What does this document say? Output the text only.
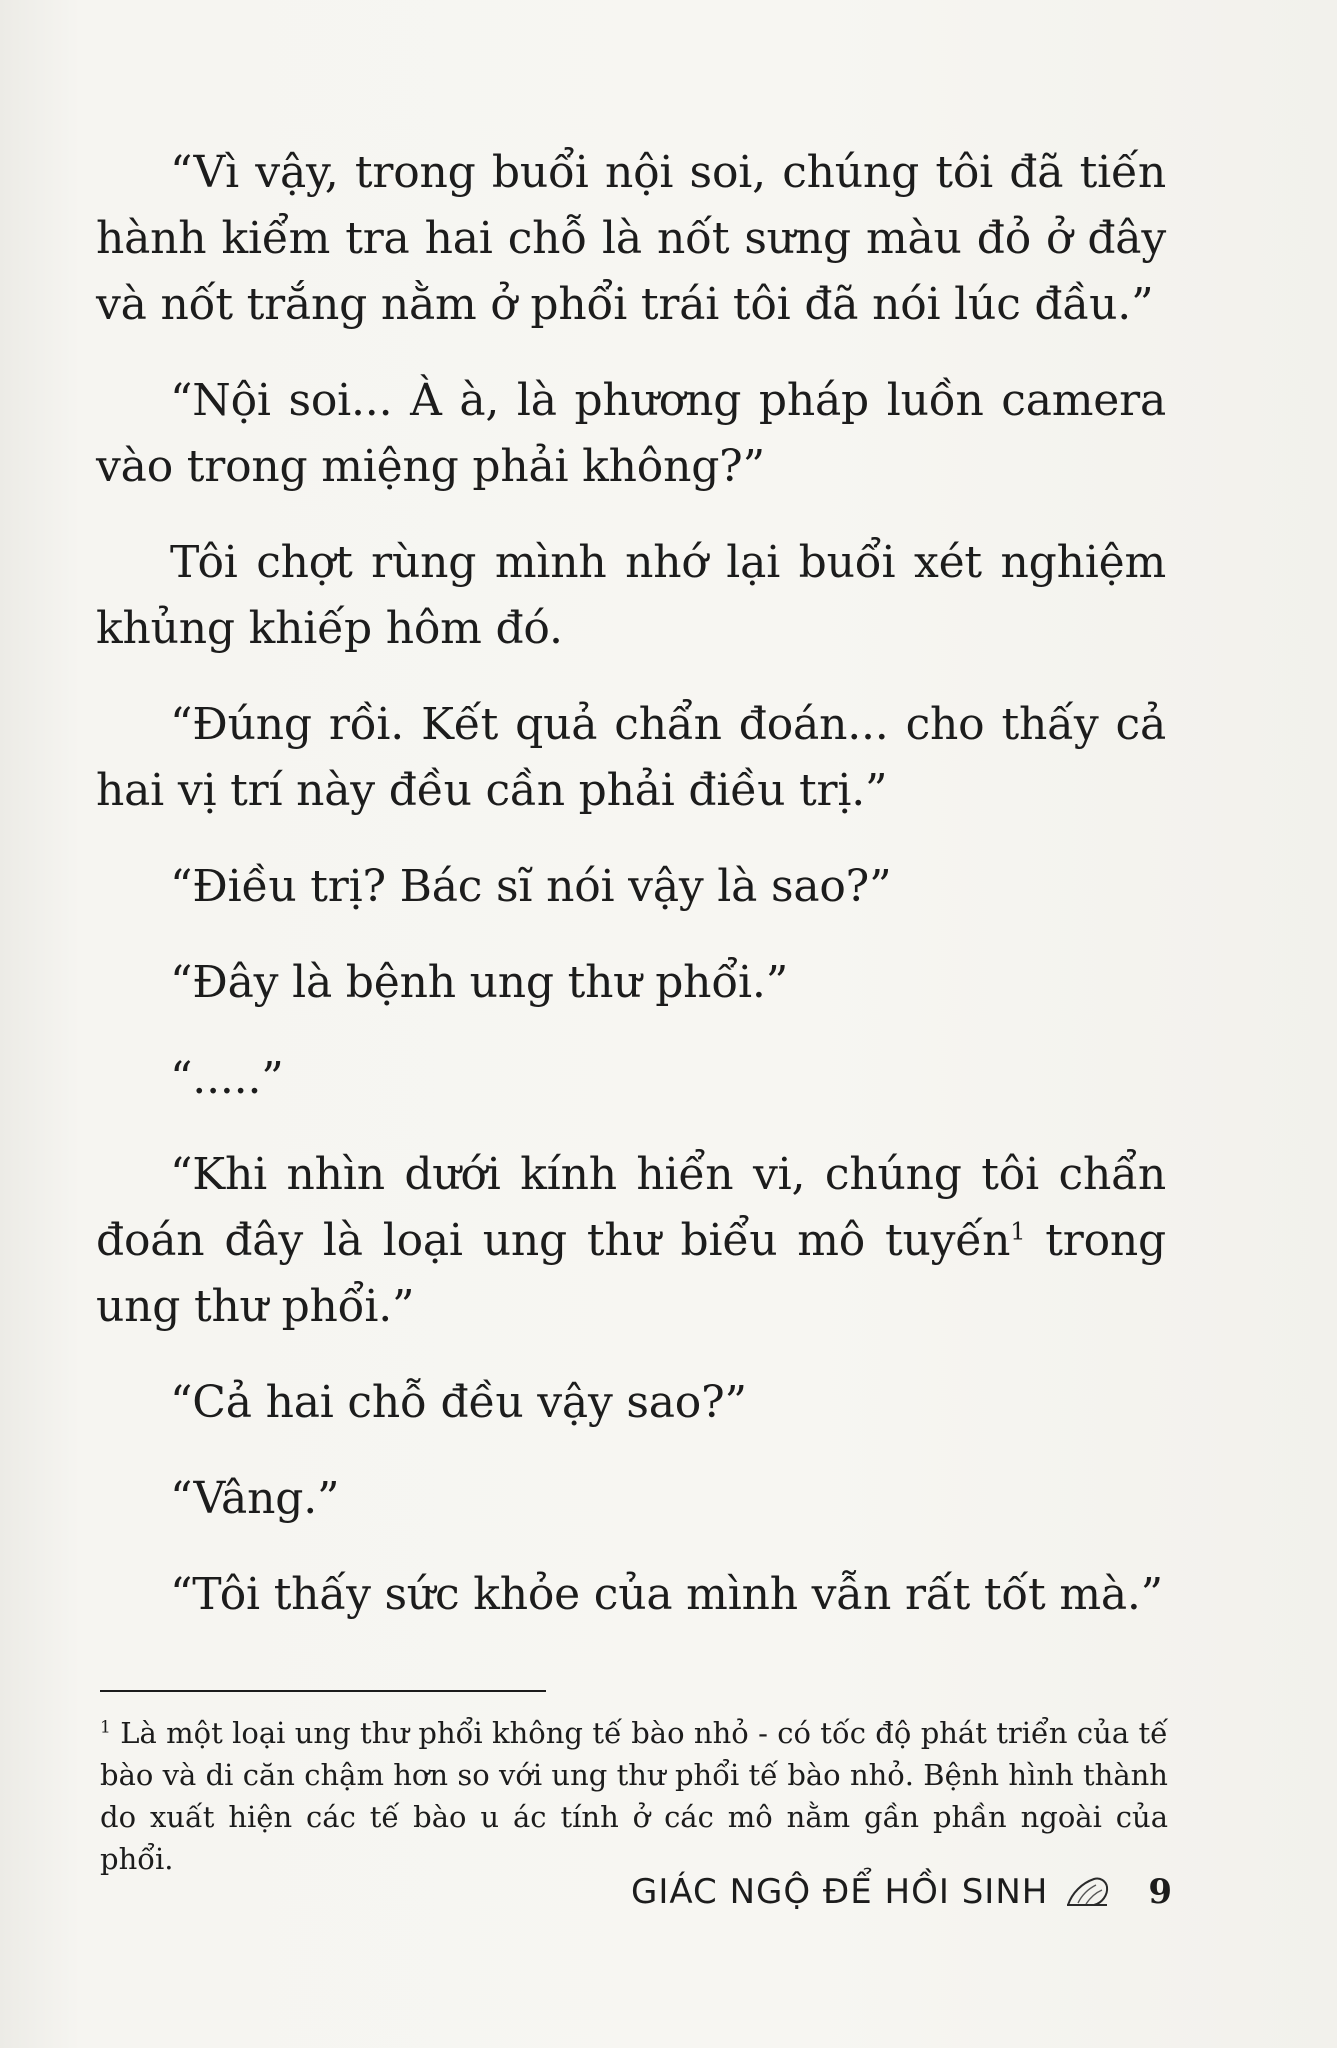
“Vì vậy, trong buổi nội soi, chúng tôi đã tiến hành kiểm tra hai chỗ là nốt sưng màu đỏ ở đây và nốt trắng nằm ở phổi trái tôi đã nói lúc đầu.”

“Nội soi... À à, là phương pháp luồn camera vào trong miệng phải không?”

Tôi chợt rùng mình nhớ lại buổi xét nghiệm khủng khiếp hôm đó.

“Đúng rồi. Kết quả chẩn đoán... cho thấy cả hai vị trí này đều cần phải điều trị.”

“Điều trị? Bác sĩ nói vậy là sao?”

“Đây là bệnh ung thư phổi.”

“.....”

“Khi nhìn dưới kính hiển vi, chúng tôi chẩn đoán đây là loại ung thư biểu mô tuyến$^1$ trong ung thư phổi.”

“Cả hai chỗ đều vậy sao?”

“Vâng.”

“Tôi thấy sức khỏe của mình vẫn rất tốt mà.”

$^1$ Là một loại ung thư phổi không tế bào nhỏ - có tốc độ phát triển của tế bào và di căn chậm hơn so với ung thư phổi tế bào nhỏ. Bệnh hình thành do xuất hiện các tế bào u ác tính ở các mô nằm gần phần ngoài của phổi.
GIÁC NGỘ ĐỂ HỒI SINH	9
